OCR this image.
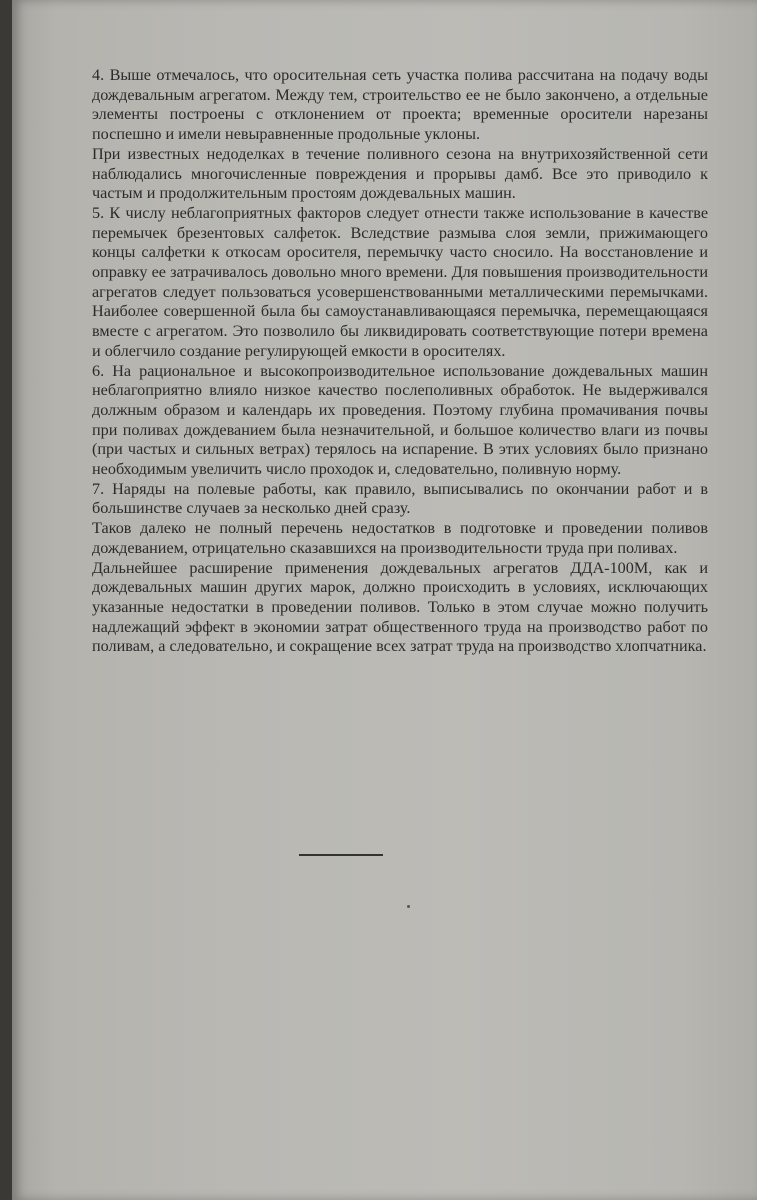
4. Выше отмечалось, что оросительная сеть участка полива рассчитана на подачу воды дождевальным агрегатом. Между тем, строительство ее не было закончено, а отдельные элементы построены с отклонением от проекта; временные оросители нарезаны поспешно и имели невыравненные продольные уклоны.

При известных недоделках в течение поливного сезона на внутрихозяйственной сети наблюдались многочисленные повреждения и прорывы дамб. Все это приводило к частым и продолжительным простоям дождевальных машин.

5. К числу неблагоприятных факторов следует отнести также использование в качестве перемычек брезентовых салфеток. Вследствие размыва слоя земли, прижимающего концы салфетки к откосам оросителя, перемычку часто сносило. На восстановление и оправку ее затрачивалось довольно много времени. Для повышения производительности агрегатов следует пользоваться усовершенствованными металлическими перемычками. Наиболее совершенной была бы самоустанавливающаяся перемычка, перемещающаяся вместе с агрегатом. Это позволило бы ликвидировать соответствующие потери времена и облегчило создание регулирующей емкости в оросителях.

6. На рациональное и высокопроизводительное использование дождевальных машин неблагоприятно влияло низкое качество послеполивных обработок. Не выдерживался должным образом и календарь их проведения. Поэтому глубина промачивания почвы при поливах дождеванием была незначительной, и большое количество влаги из почвы (при частых и сильных ветрах) терялось на испарение. В этих условиях было признано необходимым увеличить число проходок и, следовательно, поливную норму.

7. Наряды на полевые работы, как правило, выписывались по окончании работ и в большинстве случаев за несколько дней сразу.

Таков далеко не полный перечень недостатков в подготовке и проведении поливов дождеванием, отрицательно сказавшихся на производительности труда при поливах.

Дальнейшее расширение применения дождевальных агрегатов ДДА-100М, как и дождевальных машин других марок, должно происходить в условиях, исключающих указанные недостатки в проведении поливов. Только в этом случае можно получить надлежащий эффект в экономии затрат общественного труда на производство работ по поливам, а следовательно, и сокращение всех затрат труда на производство хлопчатника.
